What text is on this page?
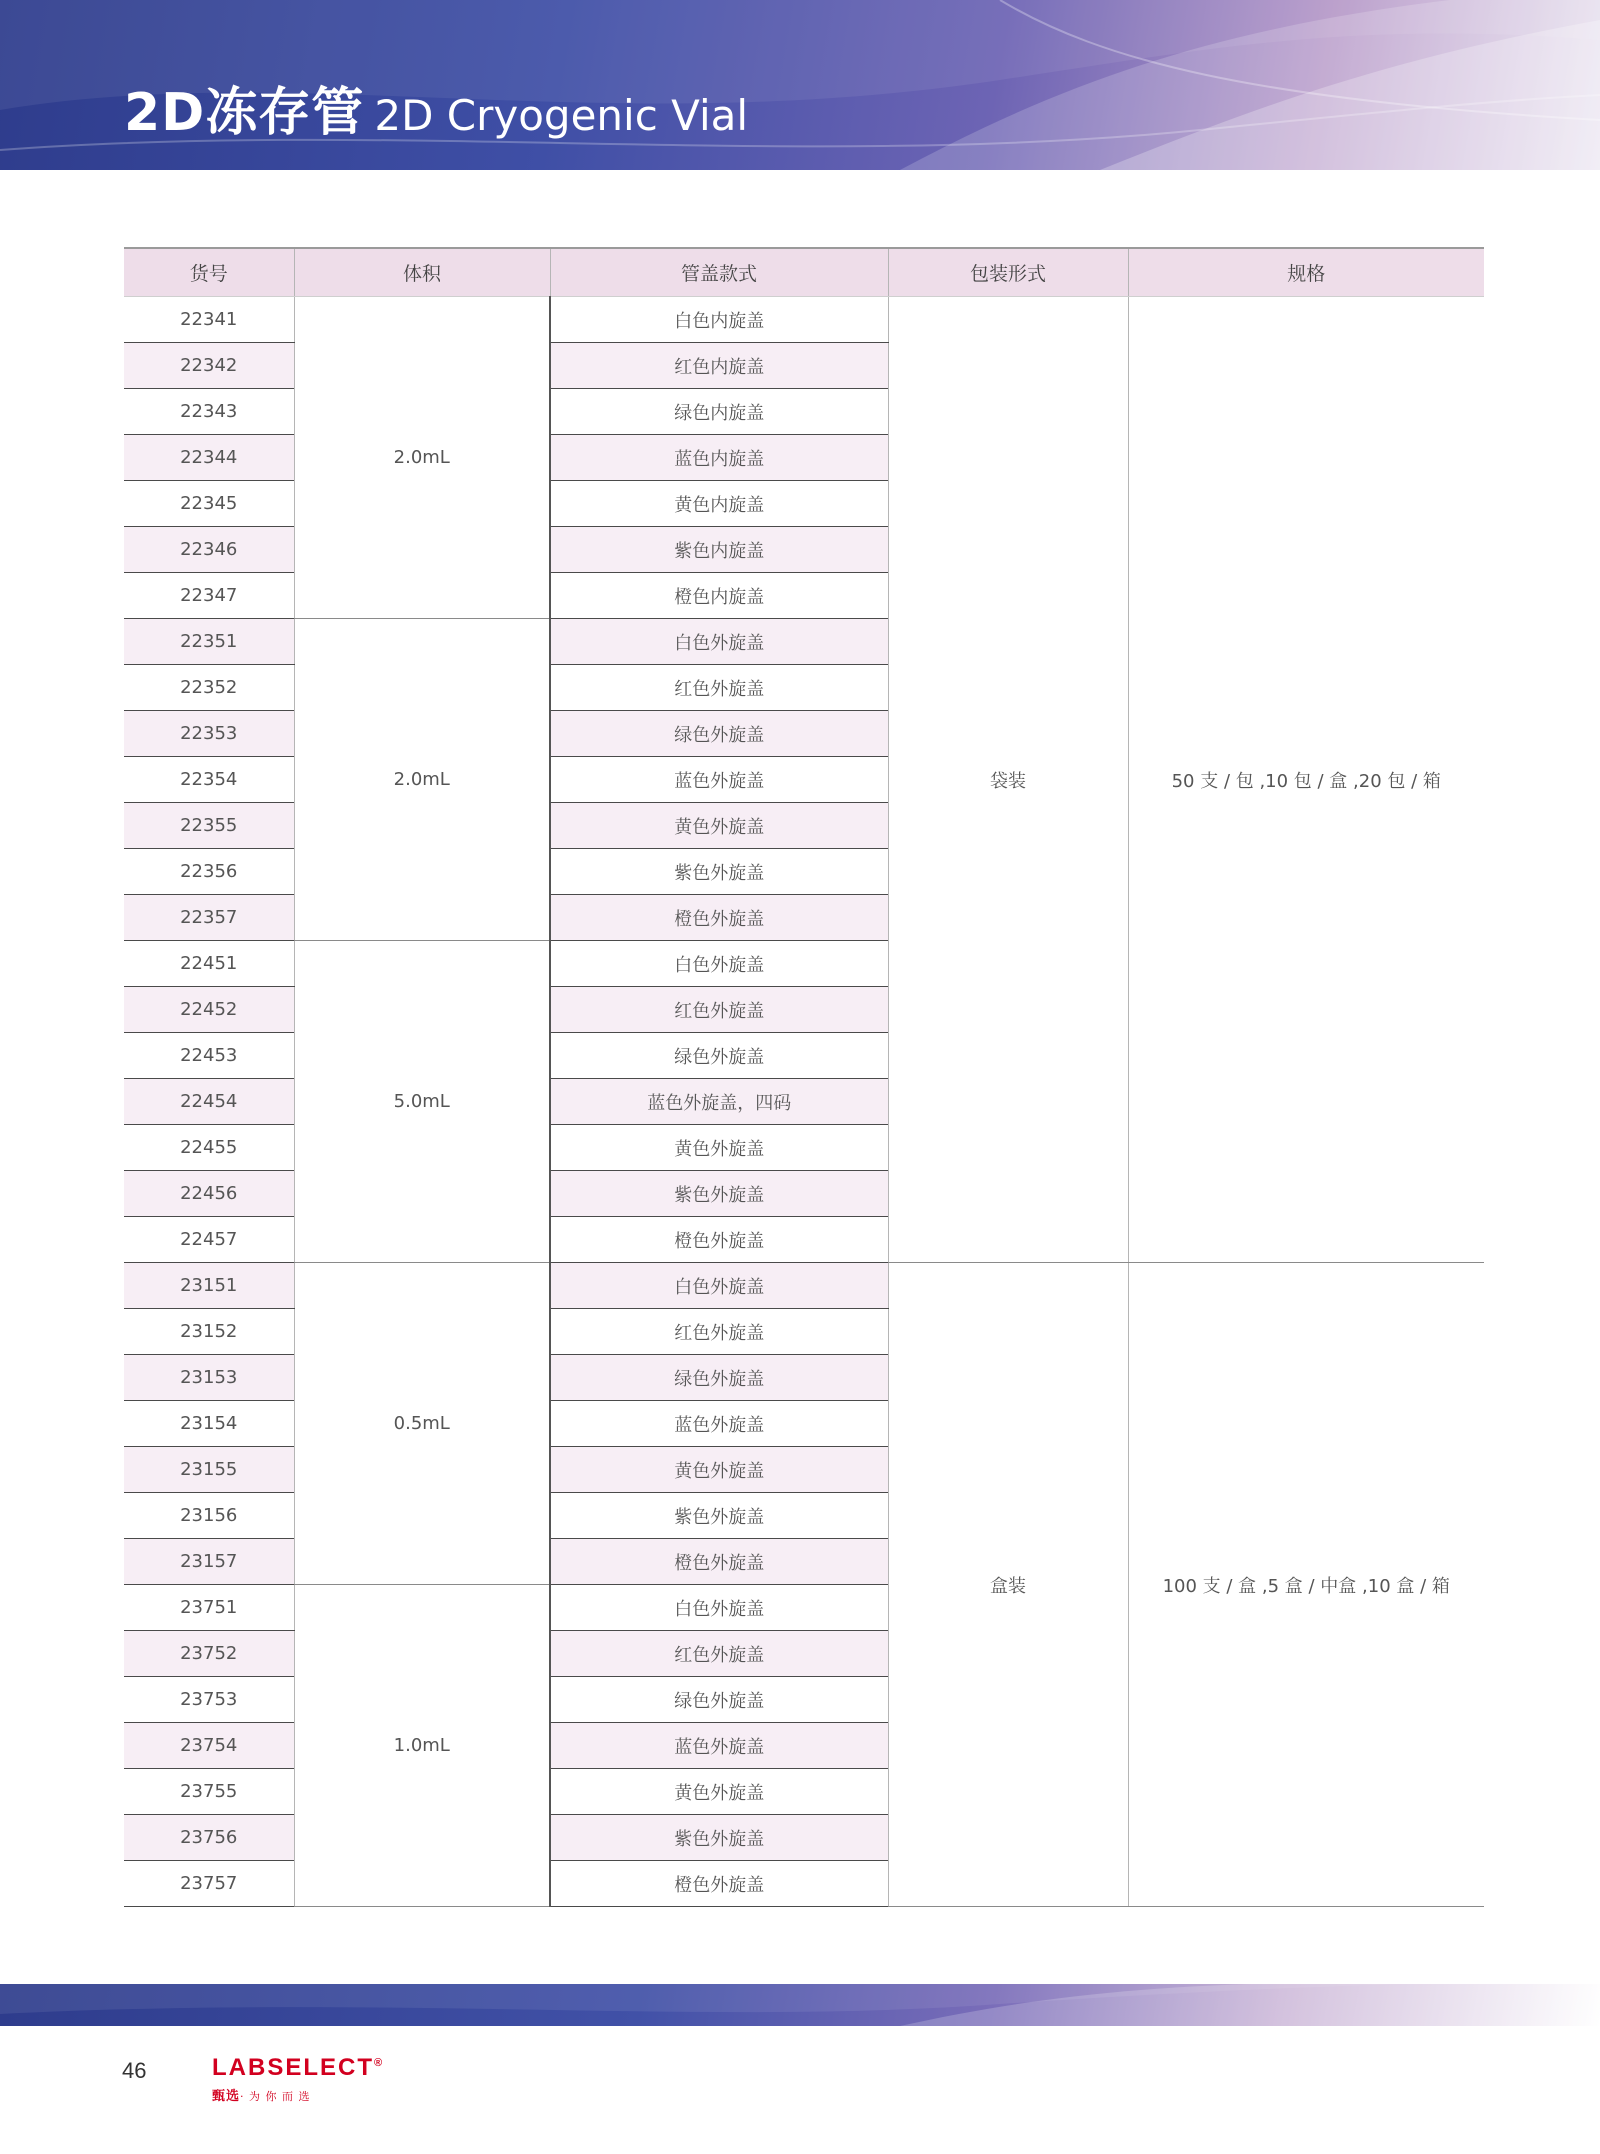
2D冻存管 2D Cryogenic Vial
货号	体积	管盖款式	包装形式	规格
22341	2.0mL	白色内旋盖	袋装	50 支 / 包 ,10 包 / 盒 ,20 包 / 箱
22342		红色内旋盖		
22343		绿色内旋盖		
22344		蓝色内旋盖		
22345		黄色内旋盖		
22346		紫色内旋盖		
22347		橙色内旋盖		
22351	2.0mL	白色外旋盖		
22352		红色外旋盖		
22353		绿色外旋盖		
22354		蓝色外旋盖		
22355		黄色外旋盖		
22356		紫色外旋盖		
22357		橙色外旋盖		
22451	5.0mL	白色外旋盖		
22452		红色外旋盖		
22453		绿色外旋盖		
22454		蓝色外旋盖，四码		
22455		黄色外旋盖		
22456		紫色外旋盖		
22457		橙色外旋盖		
23151	0.5mL	白色外旋盖	盒装	100 支 / 盒 ,5 盒 / 中盒 ,10 盒 / 箱
23152		红色外旋盖		
23153		绿色外旋盖		
23154		蓝色外旋盖		
23155		黄色外旋盖		
23156		紫色外旋盖		
23157		橙色外旋盖		
23751	1.0mL	白色外旋盖		
23752		红色外旋盖		
23753		绿色外旋盖		
23754		蓝色外旋盖		
23755		黄色外旋盖		
23756		紫色外旋盖		
23757		橙色外旋盖		
46	LABSELECT®
甄选· 为 你 而 选
